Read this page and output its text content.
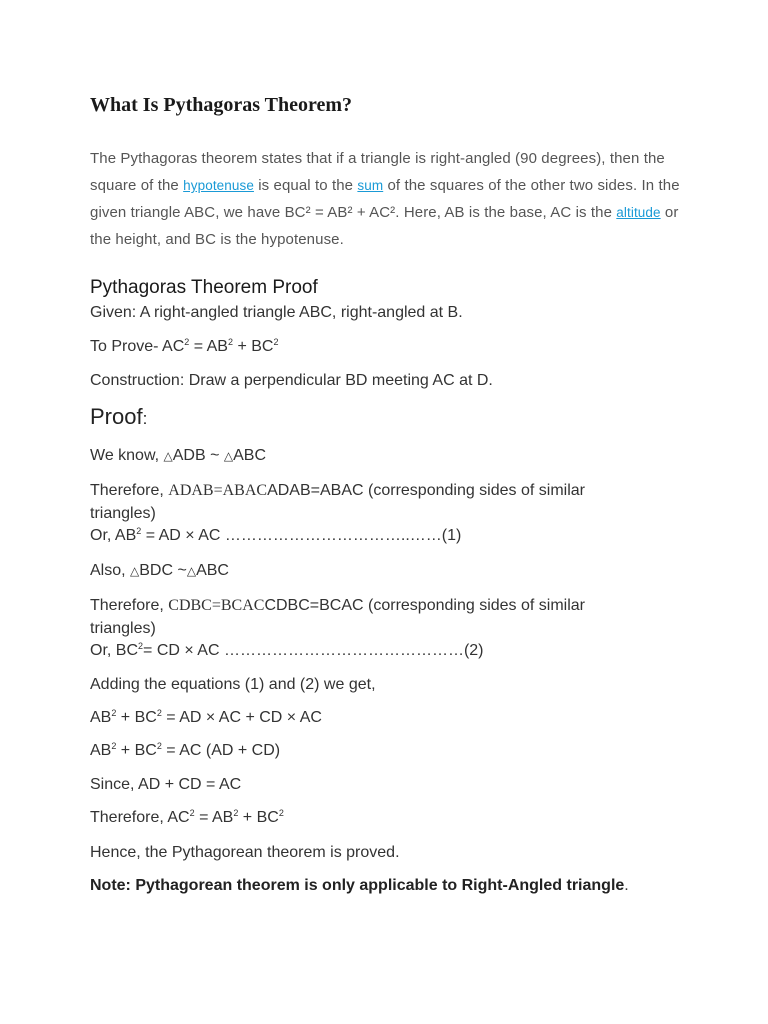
What Is Pythagoras Theorem?

The Pythagoras theorem states that if a triangle is right-angled (90 degrees), then the square of the hypotenuse is equal to the sum of the squares of the other two sides. In the given triangle ABC, we have BC² = AB² + AC². Here, AB is the base, AC is the altitude or the height, and BC is the hypotenuse.

Pythagoras Theorem Proof

Given: A right-angled triangle ABC, right-angled at B.

To Prove- $AC^2 = AB^2 + BC^2$

Construction: Draw a perpendicular BD meeting AC at D.

Proof:

We know, △ADB ~ △ABC

Therefore, ADAB=ABACADAB=ABAC (corresponding sides of similar triangles)

Or, $AB^2$ = AD × AC ……………………………..……(1)

Also, △BDC ~△ABC

Therefore, CDBC=BCACCDBC=BCAC (corresponding sides of similar triangles)

Or, $BC^2=$ CD × AC ………………………………………(2)

Adding the equations (1) and (2) we get,

$AB^2 + BC^2$ = AD × AC + CD × AC

$AB^2 + BC^2$ = AC (AD + CD)

Since, AD + CD = AC

Therefore, $AC^2 = AB^2 + BC^2$

Hence, the Pythagorean theorem is proved.

Note: Pythagorean theorem is only applicable to Right-Angled triangle.
